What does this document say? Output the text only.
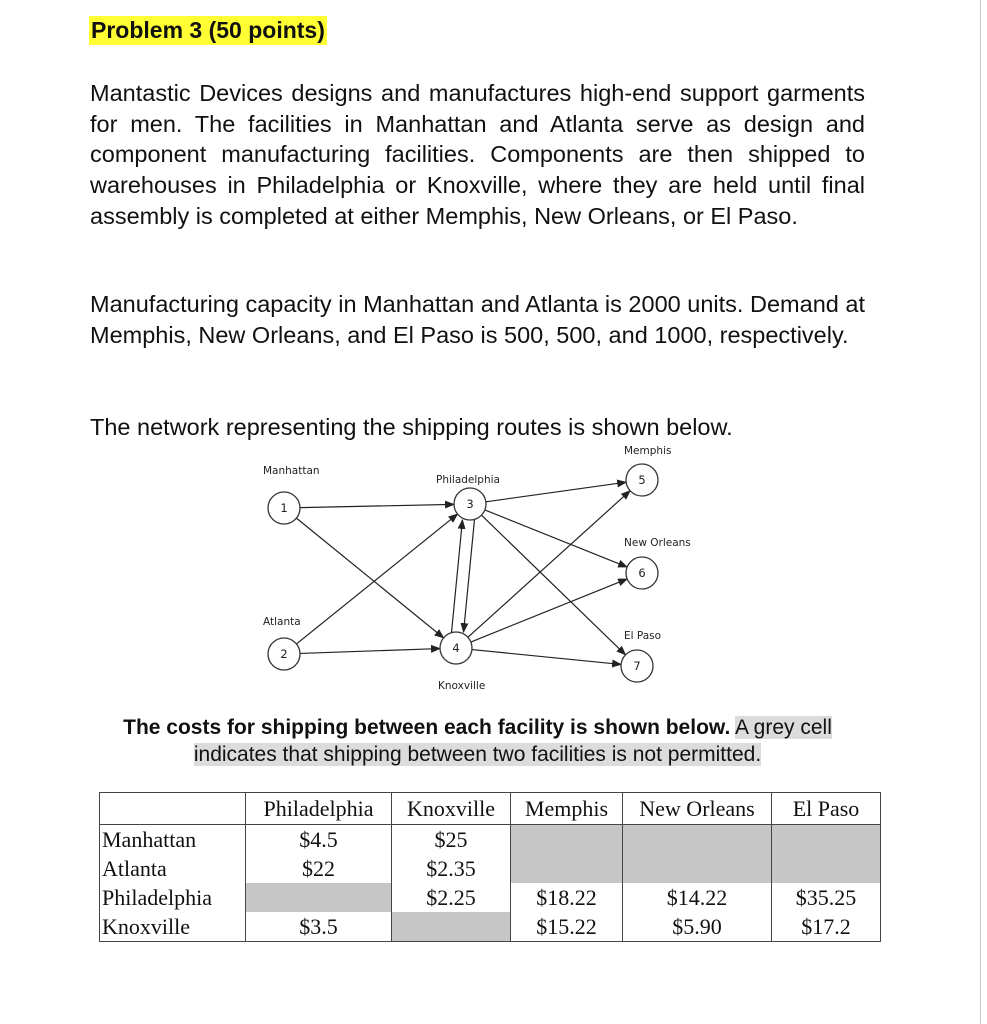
Problem 3 (50 points)

Mantastic Devices designs and manufactures high-end support garments for men. The facilities in Manhattan and Atlanta serve as design and component manufacturing facilities. Components are then shipped to warehouses in Philadelphia or Knoxville, where they are held until final assembly is completed at either Memphis, New Orleans, or El Paso.

Manufacturing capacity in Manhattan and Atlanta is 2000 units. Demand at Memphis, New Orleans, and El Paso is 500, 500, and 1000, respectively.

The network representing the shipping routes is shown below.

1
Manhattan
2
Atlanta
3
Philadelphia
4
Knoxville
5
Memphis
6
New Orleans
7
El Paso
The costs for shipping between each facility is shown below. A grey cell indicates that shipping between two facilities is not permitted.
	Philadelphia	Knoxville	Memphis	New Orleans	El Paso
Manhattan	$4.5	$25			
Atlanta	$22	$2.35			
Philadelphia		$2.25	$18.22	$14.22	$35.25
Knoxville	$3.5		$15.22	$5.90	$17.2
